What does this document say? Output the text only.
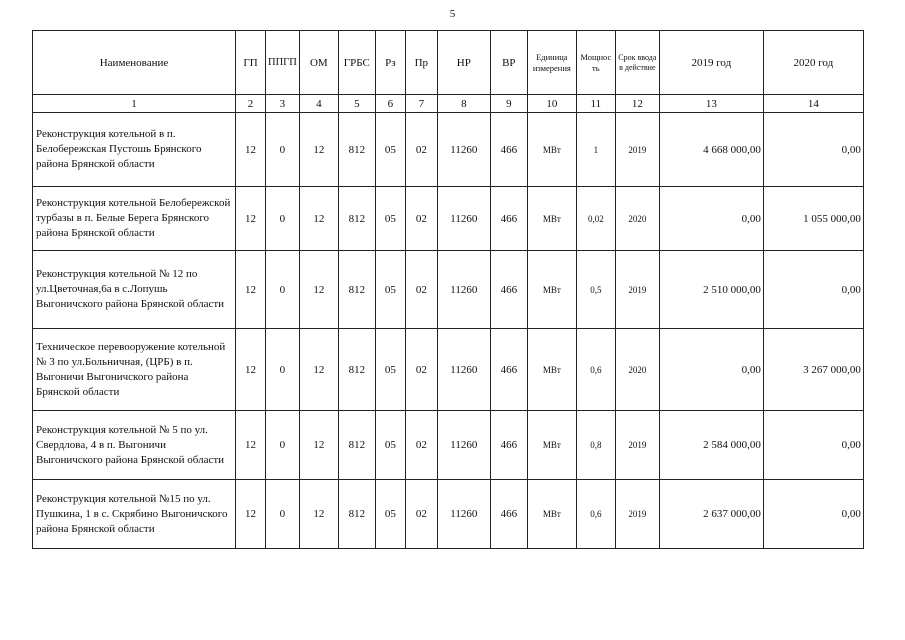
5
Наименование	ГП	ППГП	ОМ	ГРБС	Рз	Пр	НР	ВР	Единица измерения	Мощность	Срок ввода в действие	2019 год	2020 год
1	2	3	4	5	6	7	8	9	10	11	12	13	14
Реконструкция котельной в п. Белобережская Пустошь Брянского района Брянской области	12	0	12	812	05	02	11260	466	МВт	1	2019	4 668 000,00	0,00
Реконструкция котельной Белобережской турбазы в п. Белые Берега Брянского района Брянской области	12	0	12	812	05	02	11260	466	МВт	0,02	2020	0,00	1 055 000,00
Реконструкция котельной № 12 по ул.Цветочная,6а в с.Лопушь Выгоничского района Брянской области	12	0	12	812	05	02	11260	466	МВт	0,5	2019	2 510 000,00	0,00
Техническое перевооружение котельной № 3 по ул.Больничная, (ЦРБ) в п. Выгоничи Выгоничского района Брянской области	12	0	12	812	05	02	11260	466	МВт	0,6	2020	0,00	3 267 000,00
Реконструкция котельной № 5 по ул. Свердлова, 4 в п. Выгоничи Выгоничского района Брянской области	12	0	12	812	05	02	11260	466	МВт	0,8	2019	2 584 000,00	0,00
Реконструкция котельной №15 по ул. Пушкина, 1 в с. Скрябино Выгоничского района Брянской области	12	0	12	812	05	02	11260	466	МВт	0,6	2019	2 637 000,00	0,00
